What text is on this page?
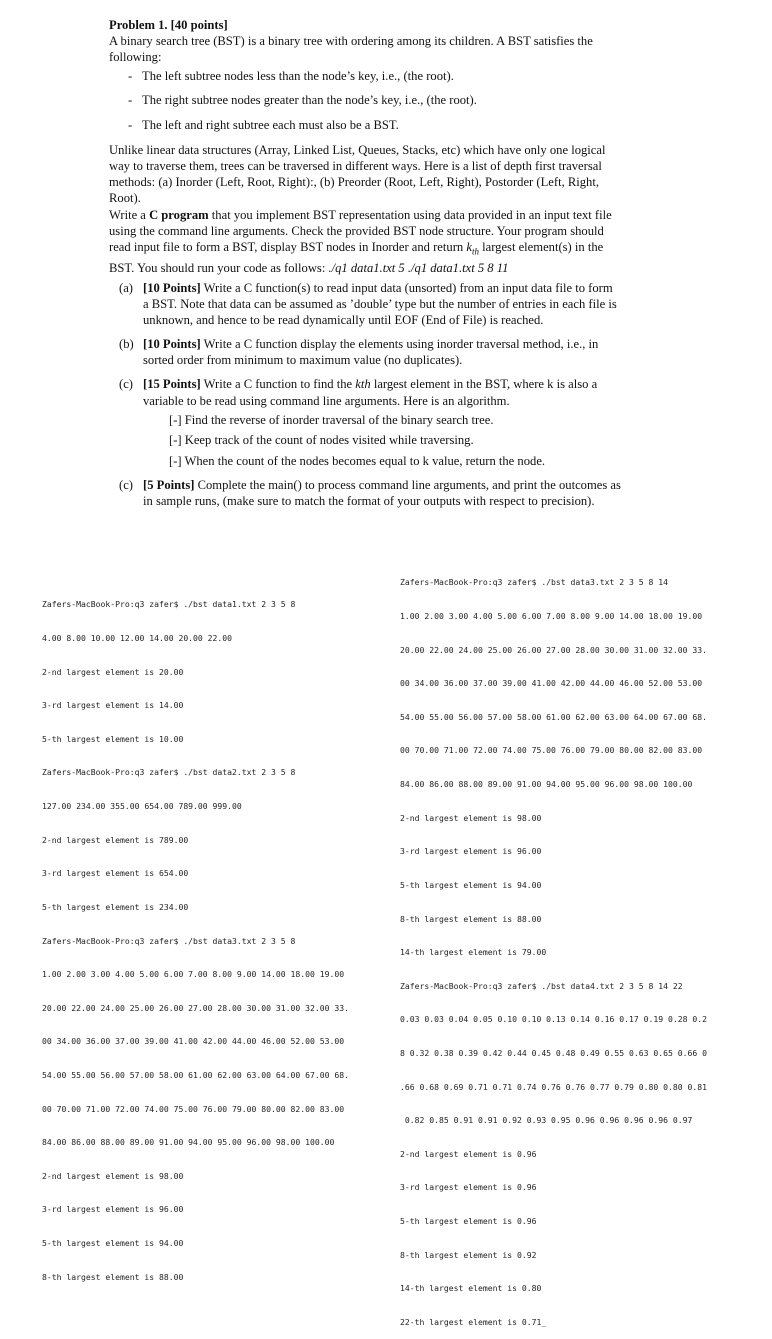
Problem 1. [40 points]

A binary search tree (BST) is a binary tree with ordering among its children. A BST satisfies the following:

- The left subtree nodes less than the node’s key, i.e., (the root).
- The right subtree nodes greater than the node’s key, i.e., (the root).
- The left and right subtree each must also be a BST.

Unlike linear data structures (Array, Linked List, Queues, Stacks, etc) which have only one logical way to traverse them, trees can be traversed in different ways. Here is a list of depth first traversal methods: (a) Inorder (Left, Root, Right):, (b) Preorder (Root, Left, Right), Postorder (Left, Right, Root).

Write a C program that you implement BST representation using data provided in an input text file using the command line arguments. Check the provided BST node structure. Your program should read input file to form a BST, display BST nodes in Inorder and return $k_{th}$ largest element(s) in the BST. You should run your code as follows: ./q1 data1.txt 5 ./q1 data1.txt 5 8 11

(a) [10 Points] Write a C function(s) to read input data (unsorted) from an input data file to form a BST. Note that data can be assumed as ’double’ type but the number of entries in each file is unknown, and hence to be read dynamically until EOF (End of File) is reached.
(b) [10 Points] Write a C function display the elements using inorder traversal method, i.e., in sorted order from minimum to maximum value (no duplicates).
(c) [15 Points] Write a C function to find the kth largest element in the BST, where k is also a variable to be read using command line arguments. Here is an algorithm.
[-] Find the reverse of inorder traversal of the binary search tree.
[-] Keep track of the count of nodes visited while traversing.
[-] When the count of the nodes becomes equal to k value, return the node.
(c) [5 Points] Complete the main() to process command line arguments, and print the outcomes as in sample runs, (make sure to match the format of your outputs with respect to precision).

Zafers-MacBook-Pro:q3 zafer$ ./bst data1.txt 2 3 5 8

4.00 8.00 10.00 12.00 14.00 20.00 22.00

2-nd largest element is 20.00

3-rd largest element is 14.00

5-th largest element is 10.00

Zafers-MacBook-Pro:q3 zafer$ ./bst data2.txt 2 3 5 8

127.00 234.00 355.00 654.00 789.00 999.00

2-nd largest element is 789.00

3-rd largest element is 654.00

5-th largest element is 234.00

Zafers-MacBook-Pro:q3 zafer$ ./bst data3.txt 2 3 5 8

1.00 2.00 3.00 4.00 5.00 6.00 7.00 8.00 9.00 14.00 18.00 19.00

20.00 22.00 24.00 25.00 26.00 27.00 28.00 30.00 31.00 32.00 33.

00 34.00 36.00 37.00 39.00 41.00 42.00 44.00 46.00 52.00 53.00

54.00 55.00 56.00 57.00 58.00 61.00 62.00 63.00 64.00 67.00 68.

00 70.00 71.00 72.00 74.00 75.00 76.00 79.00 80.00 82.00 83.00

84.00 86.00 88.00 89.00 91.00 94.00 95.00 96.00 98.00 100.00

2-nd largest element is 98.00

3-rd largest element is 96.00

5-th largest element is 94.00

8-th largest element is 88.00

Zafers-MacBook-Pro:q3 zafer$ ./bst data3.txt 2 3 5 8 14

1.00 2.00 3.00 4.00 5.00 6.00 7.00 8.00 9.00 14.00 18.00 19.00

20.00 22.00 24.00 25.00 26.00 27.00 28.00 30.00 31.00 32.00 33.

00 34.00 36.00 37.00 39.00 41.00 42.00 44.00 46.00 52.00 53.00

54.00 55.00 56.00 57.00 58.00 61.00 62.00 63.00 64.00 67.00 68.

00 70.00 71.00 72.00 74.00 75.00 76.00 79.00 80.00 82.00 83.00

84.00 86.00 88.00 89.00 91.00 94.00 95.00 96.00 98.00 100.00

2-nd largest element is 98.00

3-rd largest element is 96.00

5-th largest element is 94.00

8-th largest element is 88.00

14-th largest element is 79.00

Zafers-MacBook-Pro:q3 zafer$ ./bst data4.txt 2 3 5 8 14 22

0.03 0.03 0.04 0.05 0.10 0.10 0.13 0.14 0.16 0.17 0.19 0.28 0.2

8 0.32 0.38 0.39 0.42 0.44 0.45 0.48 0.49 0.55 0.63 0.65 0.66 0

.66 0.68 0.69 0.71 0.71 0.74 0.76 0.76 0.77 0.79 0.80 0.80 0.81

0.82 0.85 0.91 0.91 0.92 0.93 0.95 0.96 0.96 0.96 0.96 0.97

2-nd largest element is 0.96

3-rd largest element is 0.96

5-th largest element is 0.96

8-th largest element is 0.92

14-th largest element is 0.80

22-th largest element is 0.71_
